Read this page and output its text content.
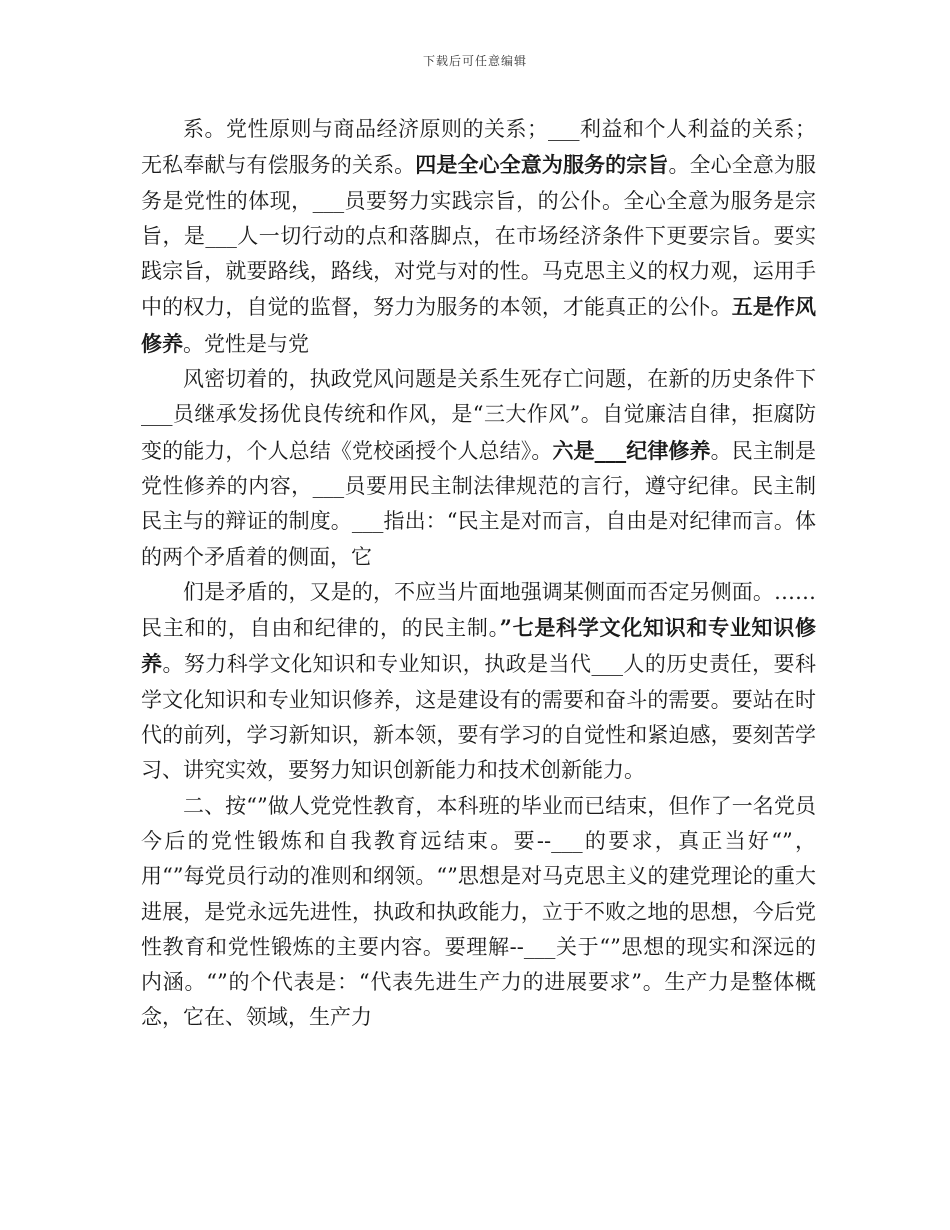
下载后可任意编辑

系。党性原则与商品经济原则的关系；___利益和个人利益的关系；无私奉献与有偿服务的关系。四是全心全意为服务的宗旨。全心全意为服务是党性的体现，___员要努力实践宗旨，的公仆。全心全意为服务是宗旨，是___人一切行动的点和落脚点，在市场经济条件下更要宗旨。要实践宗旨，就要路线，路线，对党与对的性。马克思主义的权力观，运用手中的权力，自觉的监督，努力为服务的本领，才能真正的公仆。五是作风修养。党性是与党

风密切着的，执政党风问题是关系生死存亡问题，在新的历史条件下___员继承发扬优良传统和作风，是“三大作风”。自觉廉洁自律，拒腐防变的能力，个人总结《党校函授个人总结》。六是___纪律修养。民主制是党性修养的内容，___员要用民主制法律规范的言行，遵守纪律。民主制民主与的辩证的制度。___指出：“民主是对而言，自由是对纪律而言。体的两个矛盾着的侧面，它

们是矛盾的，又是的，不应当片面地强调某侧面而否定另侧面。……民主和的，自由和纪律的，的民主制。”七是科学文化知识和专业知识修养。努力科学文化知识和专业知识，执政是当代___人的历史责任，要科学文化知识和专业知识修养，这是建设有的需要和奋斗的需要。要站在时代的前列，学习新知识，新本领，要有学习的自觉性和紧迫感，要刻苦学习、讲究实效，要努力知识创新能力和技术创新能力。

二、按“”做人党党性教育，本科班的毕业而已结束，但作了一名党员今后的党性锻炼和自我教育远结束。要--___的要求，真正当好“”，用“”每党员行动的准则和纲领。“”思想是对马克思主义的建党理论的重大进展，是党永远先进性，执政和执政能力，立于不败之地的思想，今后党性教育和党性锻炼的主要内容。要理解--___关于“”思想的现实和深远的内涵。“”的个代表是：“代表先进生产力的进展要求”。生产力是整体概念，它在、领域，生产力
